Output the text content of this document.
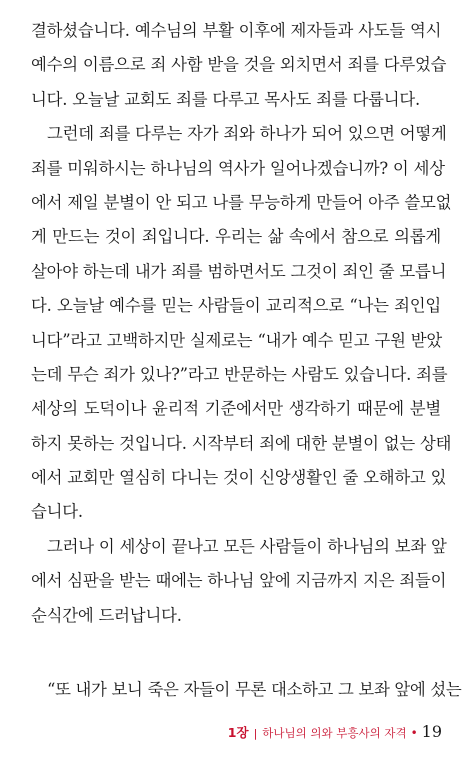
결하셨습니다. 예수님의 부활 이후에 제자들과 사도들 역시
예수의 이름으로 죄 사함 받을 것을 외치면서 죄를 다루었습
니다. 오늘날 교회도 죄를 다루고 목사도 죄를 다룹니다.
그런데 죄를 다루는 자가 죄와 하나가 되어 있으면 어떻게
죄를 미워하시는 하나님의 역사가 일어나겠습니까? 이 세상
에서 제일 분별이 안 되고 나를 무능하게 만들어 아주 쓸모없
게 만드는 것이 죄입니다. 우리는 삶 속에서 참으로 의롭게
살아야 하는데 내가 죄를 범하면서도 그것이 죄인 줄 모릅니
다. 오늘날 예수를 믿는 사람들이 교리적으로 “나는 죄인입
니다”라고 고백하지만 실제로는 “내가 예수 믿고 구원 받았
는데 무슨 죄가 있나?”라고 반문하는 사람도 있습니다. 죄를
세상의 도덕이나 윤리적 기준에서만 생각하기 때문에 분별
하지 못하는 것입니다. 시작부터 죄에 대한 분별이 없는 상태
에서 교회만 열심히 다니는 것이 신앙생활인 줄 오해하고 있
습니다.
그러나 이 세상이 끝나고 모든 사람들이 하나님의 보좌 앞
에서 심판을 받는 때에는 하나님 앞에 지금까지 지은 죄들이
순식간에 드러납니다.
“또 내가 보니 죽은 자들이 무론 대소하고 그 보좌 앞에 섰는
1장 | 하나님의 의와 부흥사의 자격 • 19
